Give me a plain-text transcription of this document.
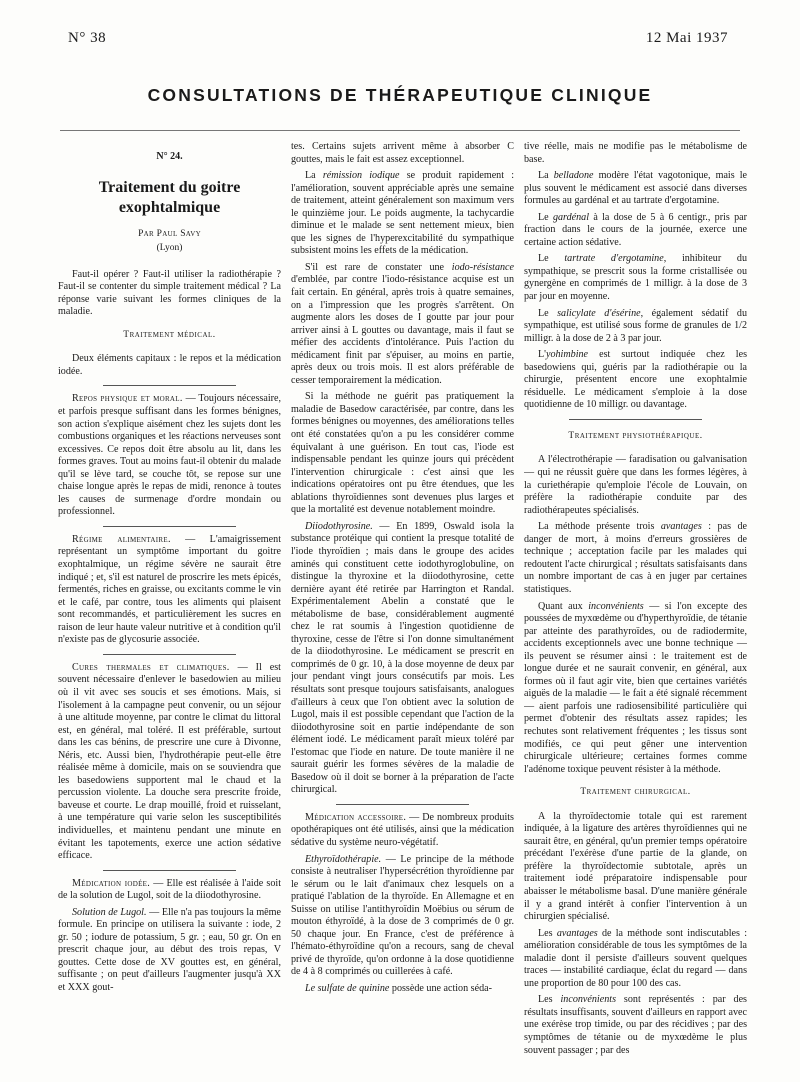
N° 38	12 Mai 1937
CONSULTATIONS DE THÉRAPEUTIQUE CLINIQUE
N° 24.
Traitement du goitre exophtalmique
Par Paul Savy
(Lyon)

Faut-il opérer ? Faut-il utiliser la radiothérapie ? Faut-il se contenter du simple traitement médical ? La réponse varie suivant les formes cliniques de la maladie.

Traitement médical.

Deux éléments capitaux : le repos et la médication iodée.

Repos physique et moral. — Toujours nécessaire, et parfois presque suffisant dans les formes bénignes, son action s'explique aisément chez les sujets dont les combustions organiques et les réactions nerveuses sont excessives. Ce repos doit être absolu au lit, dans les formes graves. Tout au moins faut-il obtenir du malade qu'il se lève tard, se couche tôt, se repose sur une chaise longue après le repas de midi, renonce à toutes les causes de surmenage d'ordre mondain ou professionnel.

Régime alimentaire. — L'amaigrissement représentant un symptôme important du goitre exophtalmique, un régime sévère ne saurait être indiqué ; et, s'il est naturel de proscrire les mets épicés, fermentés, riches en graisse, ou excitants comme le vin et le café, par contre, tous les aliments qui plaisent sont recommandés, et particulièrement les sucres en raison de leur haute valeur nutritive et à condition qu'il n'existe pas de glycosurie associée.

Cures thermales et climatiques. — Il est souvent nécessaire d'enlever le basedowien au milieu où il vit avec ses soucis et ses émotions. Mais, si l'isolement à la campagne peut convenir, ou un séjour à une altitude moyenne, par contre le climat du littoral est, en général, mal toléré. Il est préférable, surtout dans les cas bénins, de prescrire une cure à Divonne, Néris, etc. Aussi bien, l'hydrothérapie peut-elle être réalisée même à domicile, mais on se souviendra que les basedowiens supportent mal le chaud et la percussion violente. La douche sera prescrite froide, baveuse et courte. Le drap mouillé, froid et ruisselant, à une température qui varie selon les susceptibilités individuelles, et maintenu pendant une minute en évitant les tapotements, exerce une action sédative efficace.

Médication iodée. — Elle est réalisée à l'aide soit de la solution de Lugol, soit de la diiodothyrosine.

Solution de Lugol. — Elle n'a pas toujours la même formule. En principe on utilisera la suivante : iode, 2 gr. 50 ; iodure de potassium, 5 gr. ; eau, 50 gr. On en prescrit chaque jour, au début des trois repas, V gouttes. Cette dose de XV gouttes est, en général, suffisante ; on peut d'ailleurs l'augmenter jusqu'à XX et XXX gout-

tes. Certains sujets arrivent même à absorber C gouttes, mais le fait est assez exceptionnel.

La rémission iodique se produit rapidement : l'amélioration, souvent appréciable après une semaine de traitement, atteint généralement son maximum vers le quinzième jour. Le poids augmente, la tachycardie diminue et le malade se sent nettement mieux, bien que les signes de l'hyperexcitabilité du sympathique subsistent moins les effets de la médication.

S'il est rare de constater une iodo-résistance d'emblée, par contre l'iodo-résistance acquise est un fait certain. En général, après trois à quatre semaines, on a l'impression que les progrès s'arrêtent. On augmente alors les doses de I goutte par jour pour arriver ainsi à L gouttes ou davantage, mais il faut se méfier des accidents d'intolérance. Puis l'action du médicament finit par s'épuiser, au moins en partie, après deux ou trois mois. Il est alors préférable de cesser temporairement la médication.

Si la méthode ne guérit pas pratiquement la maladie de Basedow caractérisée, par contre, dans les formes bénignes ou moyennes, des améliorations telles ont été constatées qu'on a pu les considérer comme équivalant à une guérison. En tout cas, l'iode est indispensable pendant les quinze jours qui précèdent l'intervention chirurgicale : c'est ainsi que les indications opératoires ont pu être étendues, que les ablations thyroïdiennes sont devenues plus larges et que la mortalité est devenue notablement moindre.

Diiodothyrosine. — En 1899, Oswald isola la substance protéique qui contient la presque totalité de l'iode thyroïdien ; mais dans le groupe des acides aminés qui constituent cette iodothyroglobuline, on distingue la thyroxine et la diiodothyrosine, cette dernière ayant été retirée par Harrington et Randal. Expérimentalement Abelin a constaté que le métabolisme de base, considérablement augmenté chez le rat soumis à l'ingestion quotidienne de thyroxine, cesse de l'être si l'on donne simultanément de la diiodothyrosine. Le médicament se prescrit en comprimés de 0 gr. 10, à la dose moyenne de deux par jour pendant vingt jours consécutifs par mois. Les résultats sont presque toujours satisfaisants, analogues d'ailleurs à ceux que l'on obtient avec la solution de Lugol, mais il est possible cependant que l'action de la diiodothyrosine soit en partie indépendante de son élément iodé. Le médicament paraît mieux toléré par l'estomac que l'iode en nature. De toute manière il ne saurait guérir les formes sévères de la maladie de Basedow où il doit se borner à la préparation de l'acte chirurgical.

Médication accessoire. — De nombreux produits opothérapiques ont été utilisés, ainsi que la médication sédative du système neuro-végétatif.

Ethyroïdothérapie. — Le principe de la méthode consiste à neutraliser l'hypersécrétion thyroïdienne par le sérum ou le lait d'animaux chez lesquels on a pratiqué l'ablation de la thyroïde. En Allemagne et en Suisse on utilise l'antithyroïdin Moëbius ou sérum de mouton éthyroïdé, à la dose de 3 comprimés de 0 gr. 50 chaque jour. En France, c'est de préférence à l'hémato-éthyroïdine qu'on a recours, sang de cheval privé de thyroïde, qu'on ordonne à la dose quotidienne de 4 à 8 comprimés ou cuillerées à café.

Le sulfate de quinine possède une action séda-

tive réelle, mais ne modifie pas le métabolisme de base.

La belladone modère l'état vagotonique, mais le plus souvent le médicament est associé dans diverses formules au gardénal et au tartrate d'ergotamine.

Le gardénal à la dose de 5 à 6 centigr., pris par fraction dans le cours de la journée, exerce une certaine action sédative.

Le tartrate d'ergotamine, inhibiteur du sympathique, se prescrit sous la forme cristallisée ou gynergène en comprimés de 1 milligr. à la dose de 3 par jour en moyenne.

Le salicylate d'ésérine, également sédatif du sympathique, est utilisé sous forme de granules de 1/2 milligr. à la dose de 2 à 3 par jour.

L'yohimbine est surtout indiquée chez les basedowiens qui, guéris par la radiothérapie ou la chirurgie, présentent encore une exophtalmie résiduelle. Le médicament s'emploie à la dose quotidienne de 10 milligr. ou davantage.

Traitement physiothérapique.

A l'électrothérapie — faradisation ou galvanisation — qui ne réussit guère que dans les formes légères, à la curiethérapie qu'emploie l'école de Louvain, on préfère la radiothérapie conduite par des radiothérapeutes spécialisés.

La méthode présente trois avantages : pas de danger de mort, à moins d'erreurs grossières de technique ; acceptation facile par les malades qui redoutent l'acte chirurgical ; résultats satisfaisants dans un nombre important de cas à en juger par certaines statistiques.

Quant aux inconvénients — si l'on excepte des poussées de myxœdème ou d'hyperthyroïdie, de tétanie par atteinte des parathyroïdes, ou de radiodermite, accidents exceptionnels avec une bonne technique — ils peuvent se résumer ainsi : le traitement est de longue durée et ne saurait convenir, en général, aux formes où il faut agir vite, bien que certaines variétés aiguës de la maladie — le fait a été signalé récemment — aient parfois une radiosensibilité particulière qui permet d'obtenir des résultats assez rapides; les rechutes sont relativement fréquentes ; les tissus sont modifiés, ce qui peut gêner une intervention chirurgicale ultérieure; certaines formes comme l'adénome toxique peuvent résister à la méthode.

Traitement chirurgical.

A la thyroïdectomie totale qui est rarement indiquée, à la ligature des artères thyroïdiennes qui ne saurait être, en général, qu'un premier temps opératoire précédant l'exérèse d'une partie de la glande, on préfère la thyroïdectomie subtotale, après un traitement iodé préparatoire indispensable pour abaisser le métabolisme basal. D'une manière générale il y a grand intérêt à confier l'intervention à un chirurgien spécialisé.

Les avantages de la méthode sont indiscutables : amélioration considérable de tous les symptômes de la maladie dont il persiste d'ailleurs souvent quelques traces — instabilité cardiaque, éclat du regard — dans une proportion de 80 pour 100 des cas.

Les inconvénients sont représentés : par des résultats insuffisants, souvent d'ailleurs en rapport avec une exérèse trop timide, ou par des récidives ; par des symptômes de tétanie ou de myxœdème le plus souvent passager ; par des
